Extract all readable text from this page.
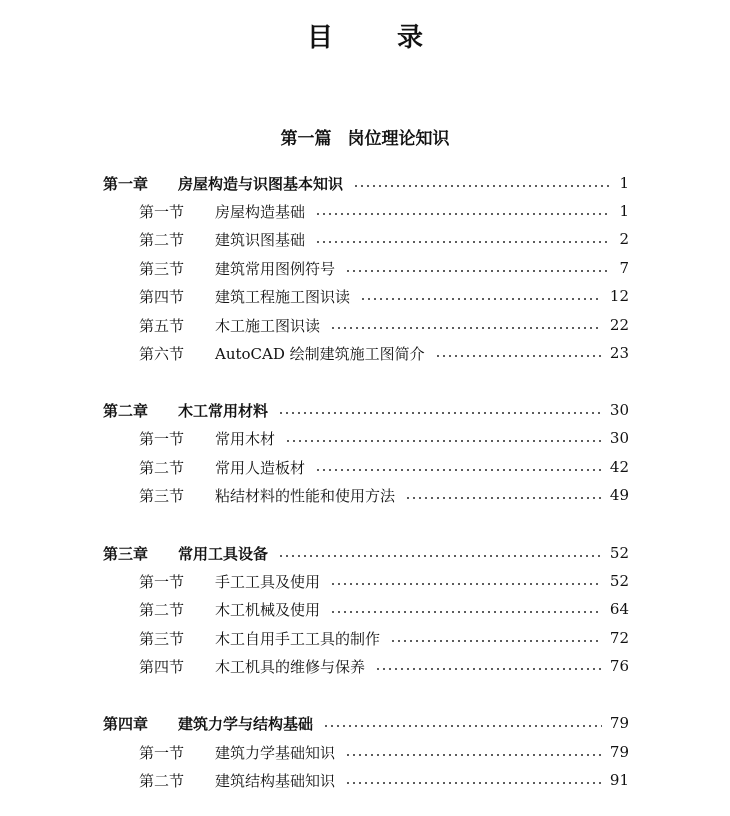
目 录
第一篇 岗位理论知识
第一章	房屋构造与识图基本知识	1
第一节	房屋构造基础	1
第二节	建筑识图基础	2
第三节	建筑常用图例符号	7
第四节	建筑工程施工图识读	12
第五节	木工施工图识读	22
第六节	AutoCAD 绘制建筑施工图简介	23
第二章	木工常用材料	30
第一节	常用木材	30
第二节	常用人造板材	42
第三节	粘结材料的性能和使用方法	49
第三章	常用工具设备	52
第一节	手工工具及使用	52
第二节	木工机械及使用	64
第三节	木工自用手工工具的制作	72
第四节	木工机具的维修与保养	76
第四章	建筑力学与结构基础	79
第一节	建筑力学基础知识	79
第二节	建筑结构基础知识	91
